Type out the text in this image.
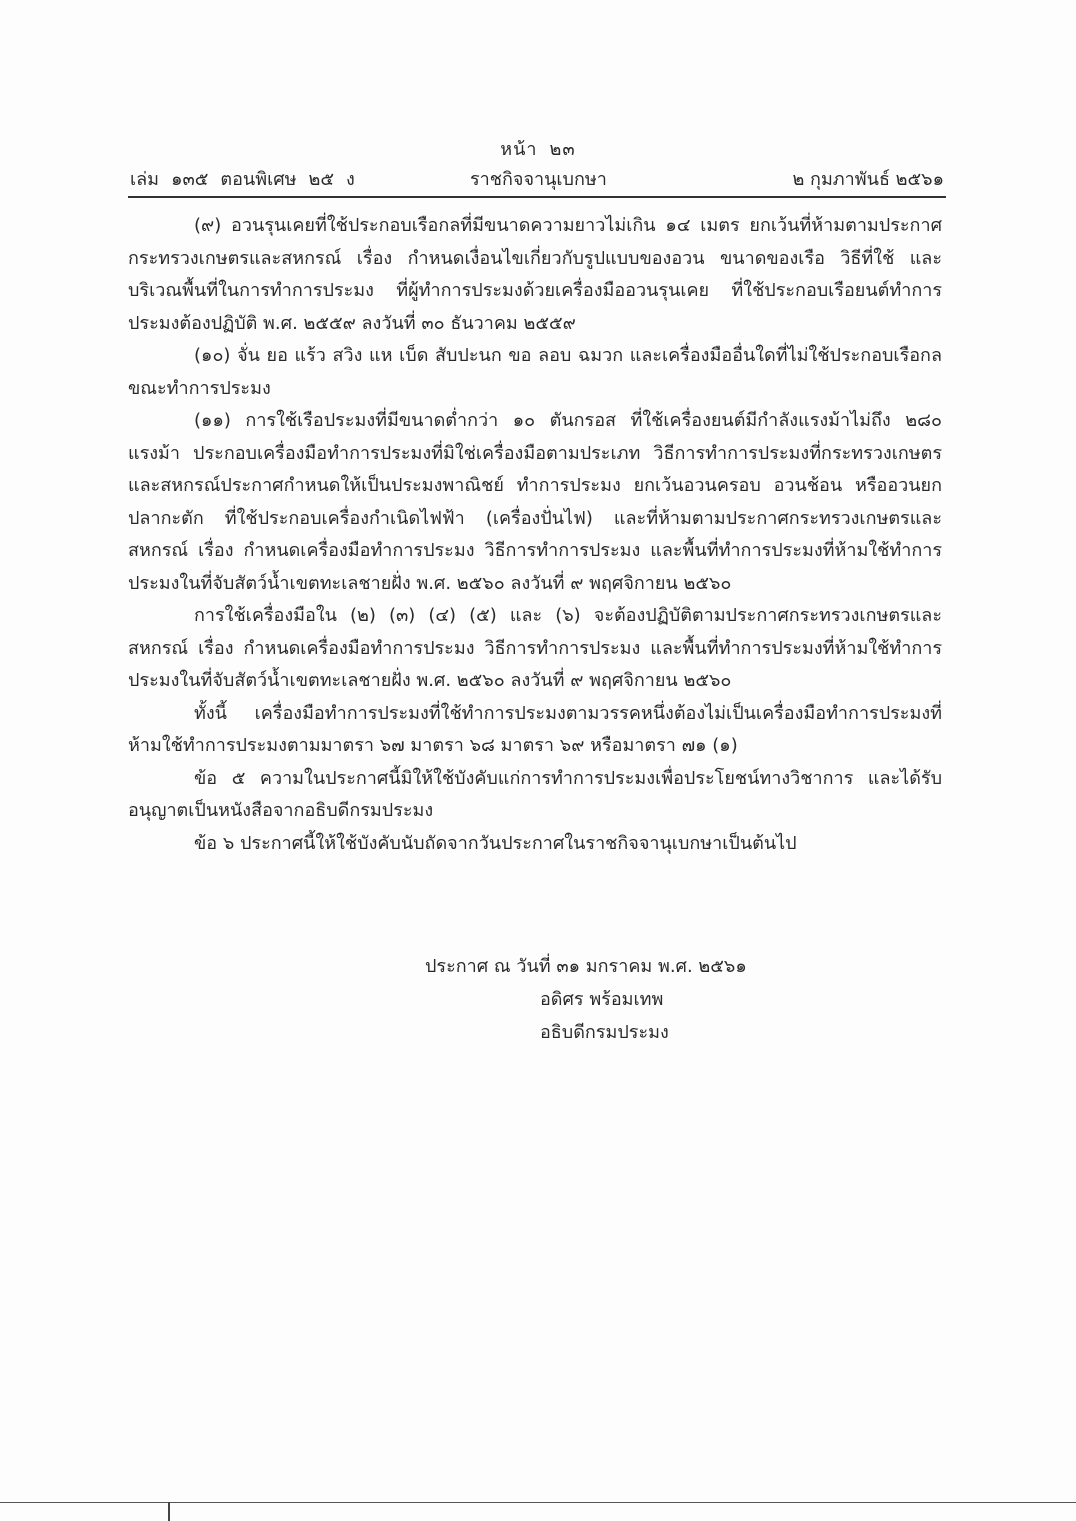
หน้า ๒๓
เล่ม ๑๓๕ ตอนพิเศษ ๒๕ ง	ราชกิจจานุเบกษา	๒ กุมภาพันธ์ ๒๕๖๑

(๙) อวนรุนเคยที่ใช้ประกอบเรือกลที่มีขนาดความยาวไม่เกิน ๑๔ เมตร ยกเว้นที่ห้ามตามประกาศกระทรวงเกษตรและสหกรณ์ เรื่อง กำหนดเงื่อนไขเกี่ยวกับรูปแบบของอวน ขนาดของเรือ วิธีที่ใช้ และบริเวณพื้นที่ในการทำการประมง ที่ผู้ทำการประมงด้วยเครื่องมืออวนรุนเคย ที่ใช้ประกอบเรือยนต์ทำการประมงต้องปฏิบัติ พ.ศ. ๒๕๕๙ ลงวันที่ ๓๐ ธันวาคม ๒๕๕๙

(๑๐) จั่น ยอ แร้ว สวิง แห เบ็ด สับปะนก ขอ ลอบ ฉมวก และเครื่องมืออื่นใดที่ไม่ใช้ประกอบเรือกลขณะทำการประมง

(๑๑) การใช้เรือประมงที่มีขนาดต่ำกว่า ๑๐ ตันกรอส ที่ใช้เครื่องยนต์มีกำลังแรงม้าไม่ถึง ๒๘๐ แรงม้า ประกอบเครื่องมือทำการประมงที่มิใช่เครื่องมือตามประเภท วิธีการทำการประมงที่กระทรวงเกษตรและสหกรณ์ประกาศกำหนดให้เป็นประมงพาณิชย์ ทำการประมง ยกเว้นอวนครอบ อวนช้อน หรืออวนยกปลากะตัก ที่ใช้ประกอบเครื่องกำเนิดไฟฟ้า (เครื่องปั่นไฟ) และที่ห้ามตามประกาศกระทรวงเกษตรและสหกรณ์ เรื่อง กำหนดเครื่องมือทำการประมง วิธีการทำการประมง และพื้นที่ทำการประมงที่ห้ามใช้ทำการประมงในที่จับสัตว์น้ำเขตทะเลชายฝั่ง พ.ศ. ๒๕๖๐ ลงวันที่ ๙ พฤศจิกายน ๒๕๖๐

การใช้เครื่องมือใน (๒) (๓) (๔) (๕) และ (๖) จะต้องปฏิบัติตามประกาศกระทรวงเกษตรและสหกรณ์ เรื่อง กำหนดเครื่องมือทำการประมง วิธีการทำการประมง และพื้นที่ทำการประมงที่ห้ามใช้ทำการประมงในที่จับสัตว์น้ำเขตทะเลชายฝั่ง พ.ศ. ๒๕๖๐ ลงวันที่ ๙ พฤศจิกายน ๒๕๖๐

ทั้งนี้ เครื่องมือทำการประมงที่ใช้ทำการประมงตามวรรคหนึ่งต้องไม่เป็นเครื่องมือทำการประมงที่ห้ามใช้ทำการประมงตามมาตรา ๖๗ มาตรา ๖๘ มาตรา ๖๙ หรือมาตรา ๗๑ (๑)

ข้อ ๕ ความในประกาศนี้มิให้ใช้บังคับแก่การทำการประมงเพื่อประโยชน์ทางวิชาการ และได้รับอนุญาตเป็นหนังสือจากอธิบดีกรมประมง

ข้อ ๖ ประกาศนี้ให้ใช้บังคับนับถัดจากวันประกาศในราชกิจจานุเบกษาเป็นต้นไป

ประกาศ ณ วันที่ ๓๑ มกราคม พ.ศ. ๒๕๖๑
อดิศร พร้อมเทพ
อธิบดีกรมประมง
